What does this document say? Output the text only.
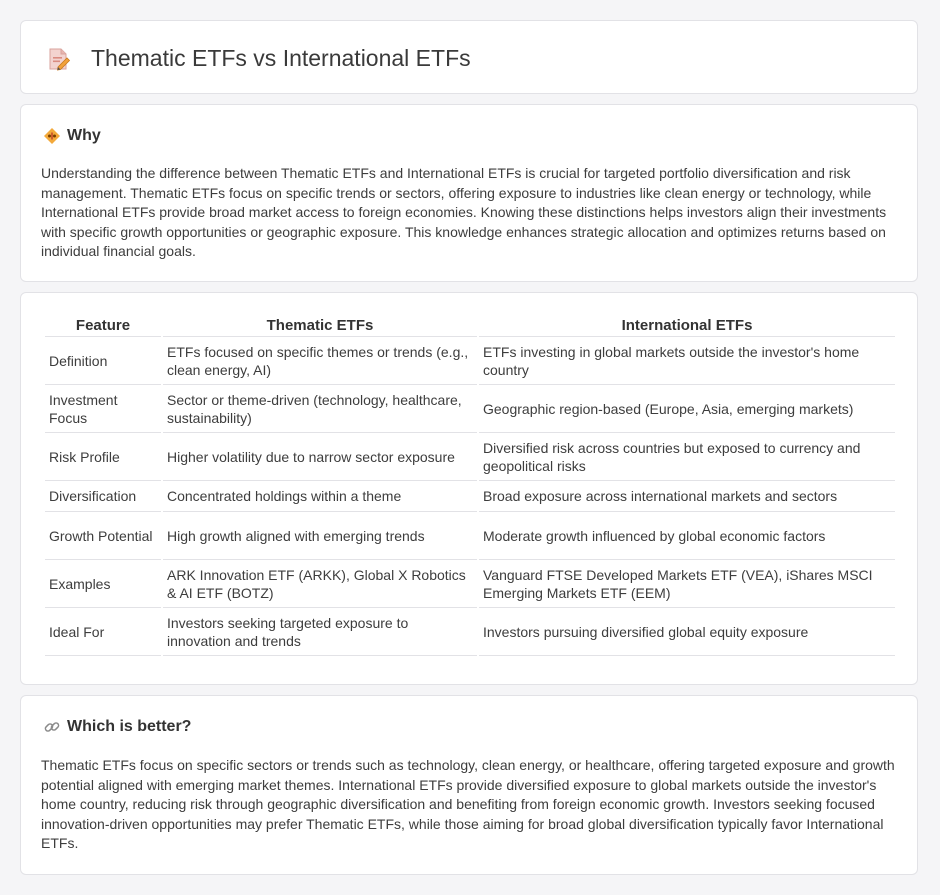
Thematic ETFs vs International ETFs
Why

Understanding the difference between Thematic ETFs and International ETFs is crucial for targeted portfolio diversification and risk management. Thematic ETFs focus on specific trends or sectors, offering exposure to industries like clean energy or technology, while International ETFs provide broad market access to foreign economies. Knowing these distinctions helps investors align their investments with specific growth opportunities or geographic exposure. This knowledge enhances strategic allocation and optimizes returns based on individual financial goals.

Feature	Thematic ETFs	International ETFs
Definition	ETFs focused on specific themes or trends (e.g., clean energy, AI)	ETFs investing in global markets outside the investor's home country
Investment Focus	Sector or theme-driven (technology, healthcare, sustainability)	Geographic region-based (Europe, Asia, emerging markets)
Risk Profile	Higher volatility due to narrow sector exposure	Diversified risk across countries but exposed to currency and geopolitical risks
Diversification	Concentrated holdings within a theme	Broad exposure across international markets and sectors
Growth Potential	High growth aligned with emerging trends	Moderate growth influenced by global economic factors
Examples	ARK Innovation ETF (ARKK), Global X Robotics & AI ETF (BOTZ)	Vanguard FTSE Developed Markets ETF (VEA), iShares MSCI Emerging Markets ETF (EEM)
Ideal For	Investors seeking targeted exposure to innovation and trends	Investors pursuing diversified global equity exposure
Which is better?

Thematic ETFs focus on specific sectors or trends such as technology, clean energy, or healthcare, offering targeted exposure and growth potential aligned with emerging market themes. International ETFs provide diversified exposure to global markets outside the investor's home country, reducing risk through geographic diversification and benefiting from foreign economic growth. Investors seeking focused innovation-driven opportunities may prefer Thematic ETFs, while those aiming for broad global diversification typically favor International ETFs.
